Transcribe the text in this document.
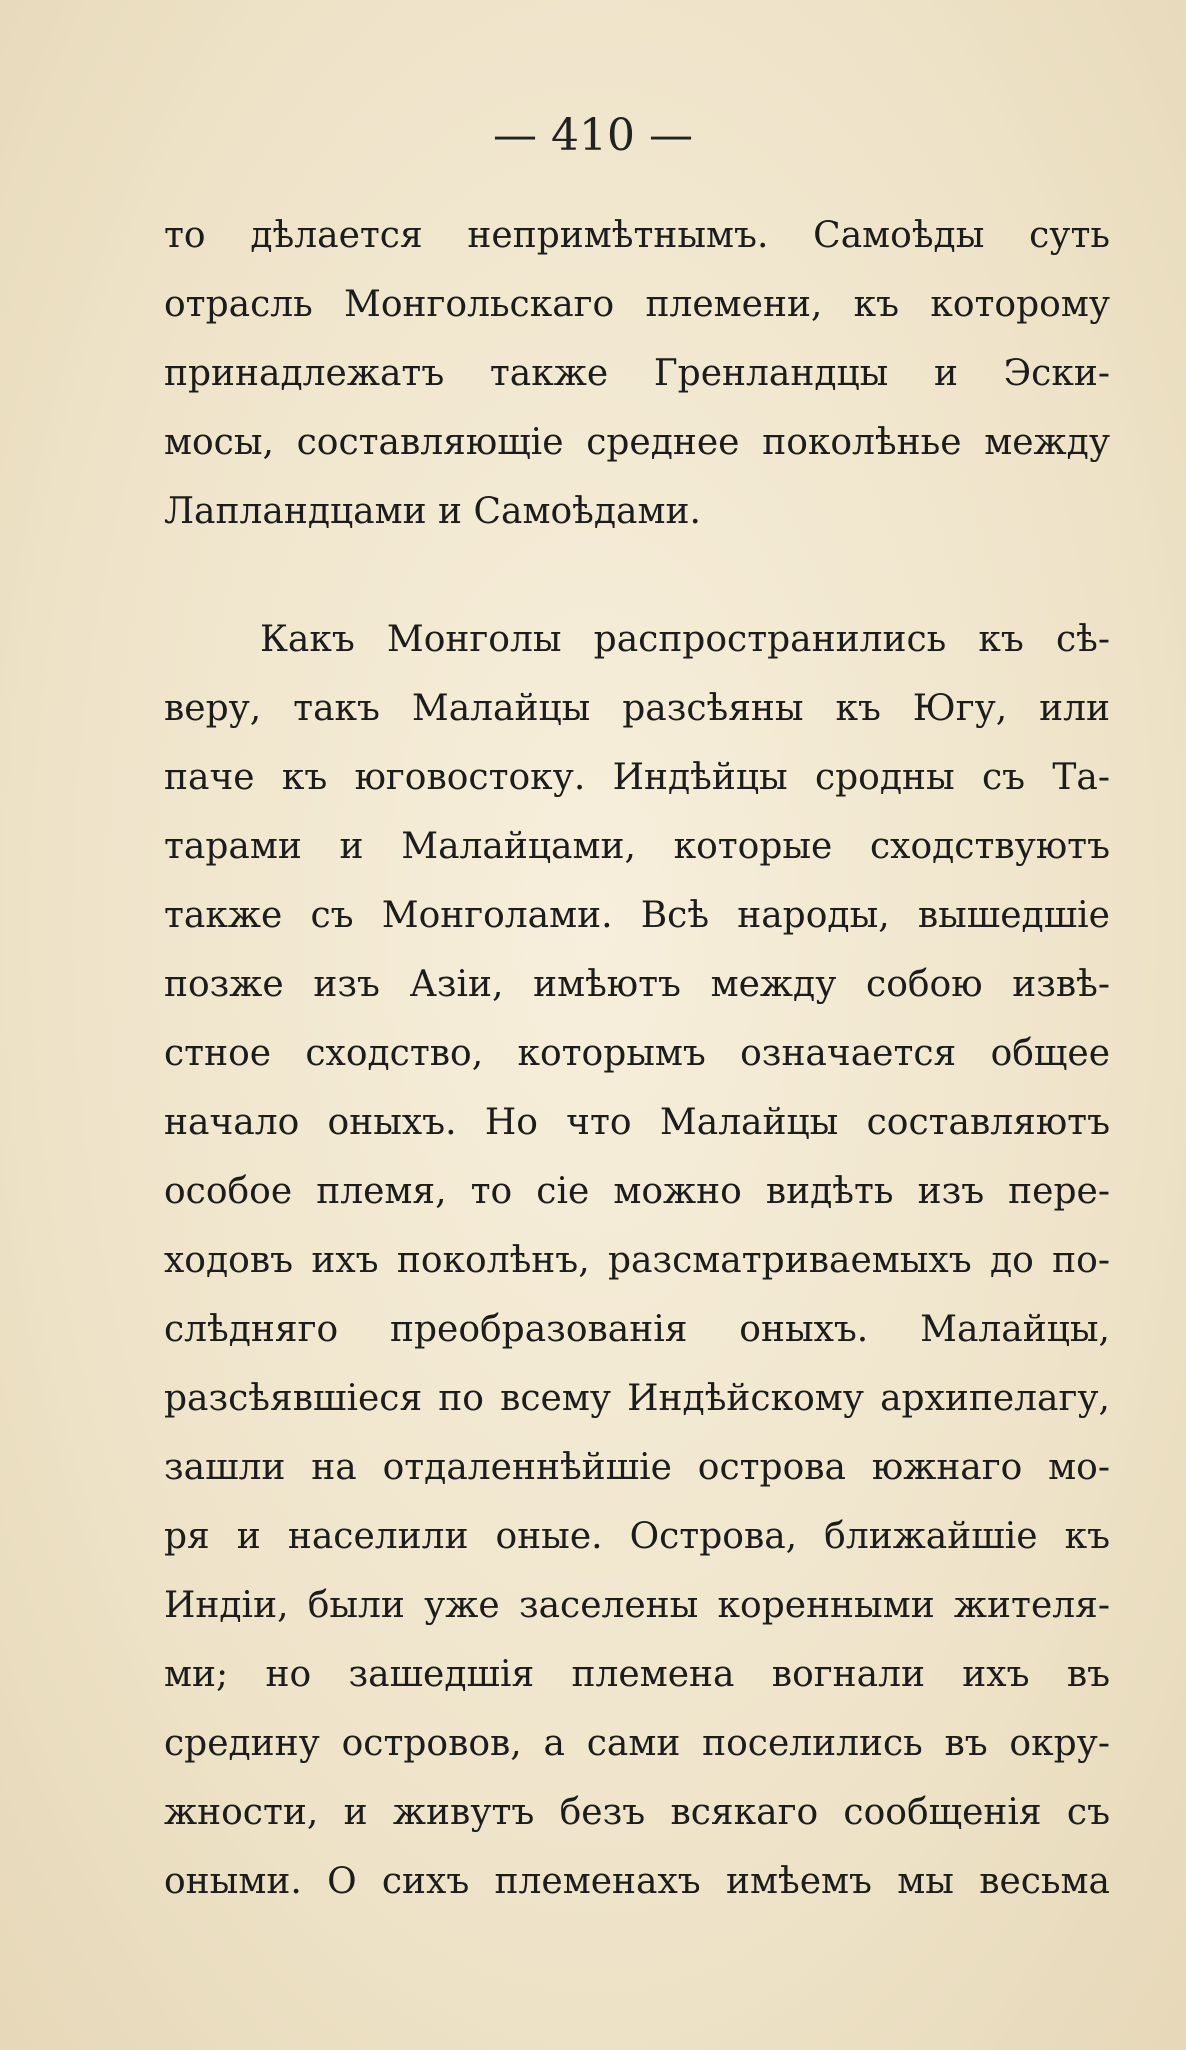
— 410 —
то дѣлается непримѣтнымъ. Самоѣды суть
отрасль Монгольскаго племени, къ которому
принадлежатъ также Гренландцы и Эски-
мосы, составляющіе среднее поколѣнье между
Лапландцами и Самоѣдами.
Какъ Монголы распространились къ сѣ-
веру, такъ Малайцы разсѣяны къ Югу, или
паче къ юговостоку. Индѣйцы сродны съ Та-
тарами и Малайцами, которые сходствуютъ
также съ Монголами. Всѣ народы, вышедшіе
позже изъ Азіи, имѣютъ между собою извѣ-
стное сходство, которымъ означается общее
начало оныхъ. Но что Малайцы составляютъ
особое племя, то сіе можно видѣть изъ пере-
ходовъ ихъ поколѣнъ, разсматриваемыхъ до по-
слѣдняго преобразованія оныхъ. Малайцы,
разсѣявшіеся по всему Индѣйскому архипелагу,
зашли на отдаленнѣйшіе острова южнаго мо-
ря и населили оные. Острова, ближайшіе къ
Индіи, были уже заселены коренными жителя-
ми; но зашедшія племена вогнали ихъ въ
средину островов, а сами поселились въ окру-
жности, и живутъ безъ всякаго сообщенія съ
оными. О сихъ племенахъ имѣемъ мы весьма
